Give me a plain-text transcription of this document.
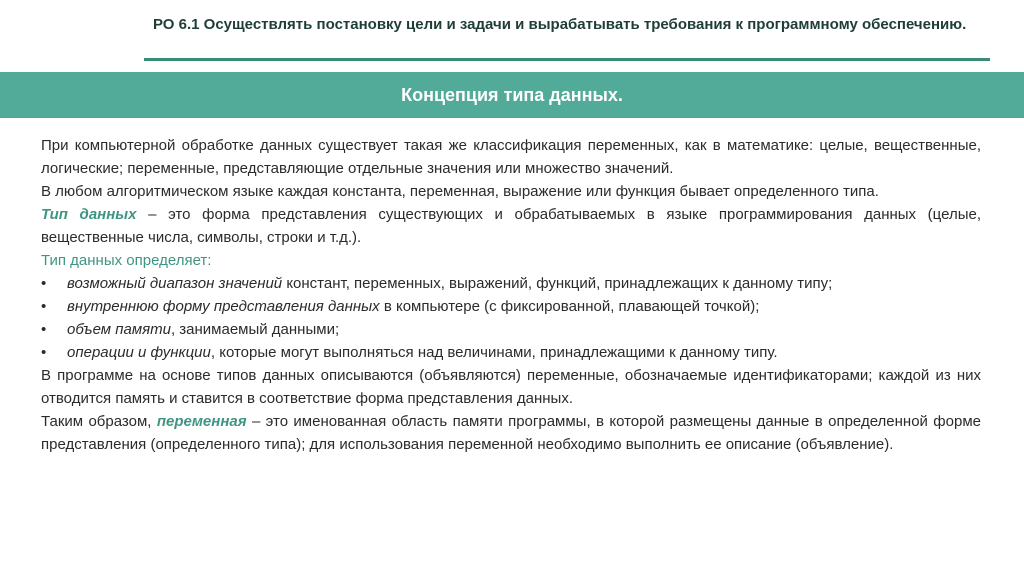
РО 6.1 Осуществлять постановку цели и задачи и вырабатывать требования к программному обеспечению.
Концепция типа данных.

При компьютерной обработке данных существует такая же классификация переменных, как в математике: целые, вещественные, логические; переменные, представляющие отдельные значения или множество значений.

В любом алгоритмическом языке каждая константа, переменная, выражение или функция бывает определенного типа.

Тип данных – это форма представления существующих и обрабатываемых в языке программирования данных (целые, вещественные числа, символы, строки и т.д.).

Тип данных определяет:

• возможный диапазон значений констант, переменных, выражений, функций, принадлежащих к данному типу;
• внутреннюю форму представления данных в компьютере (с фиксированной, плавающей точкой);
• объем памяти, занимаемый данными;
• операции и функции, которые могут выполняться над величинами, принадлежащими к данному типу.

В программе на основе типов данных описываются (объявляются) переменные, обозначаемые идентификаторами; каждой из них отводится память и ставится в соответствие форма представления данных.

Таким образом, переменная – это именованная область памяти программы, в которой размещены данные в определенной форме представления (определенного типа); для использования переменной необходимо выполнить ее описание (объявление).
